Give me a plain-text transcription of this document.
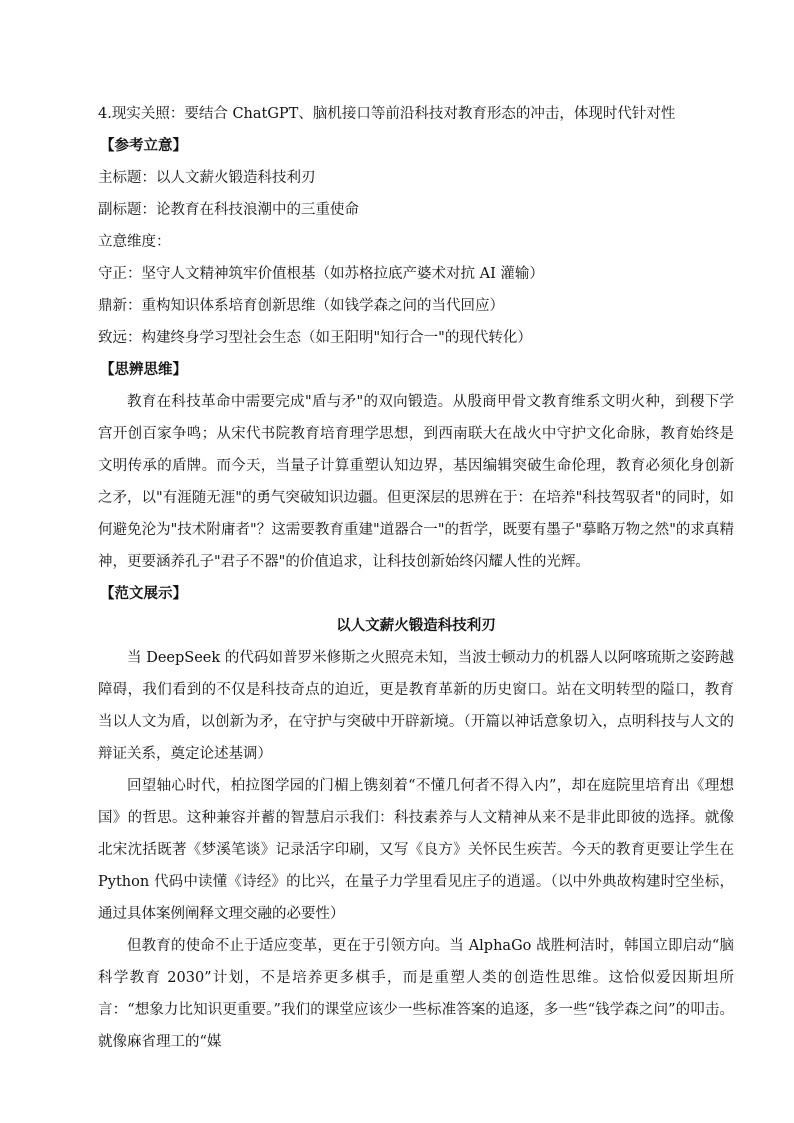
4.现实关照：要结合 ChatGPT、脑机接口等前沿科技对教育形态的冲击，体现时代针对性

【参考立意】

主标题：以人文薪火锻造科技利刃

副标题：论教育在科技浪潮中的三重使命

立意维度：

守正：坚守人文精神筑牢价值根基（如苏格拉底产婆术对抗 AI 灌输）

鼎新：重构知识体系培育创新思维（如钱学森之问的当代回应）

致远：构建终身学习型社会生态（如王阳明"知行合一"的现代转化）

【思辨思维】

教育在科技革命中需要完成"盾与矛"的双向锻造。从殷商甲骨文教育维系文明火种，到稷下学宫开创百家争鸣；从宋代书院教育培育理学思想，到西南联大在战火中守护文化命脉，教育始终是文明传承的盾牌。而今天，当量子计算重塑认知边界，基因编辑突破生命伦理，教育必须化身创新之矛，以"有涯随无涯"的勇气突破知识边疆。但更深层的思辨在于：在培养"科技驾驭者"的同时，如何避免沦为"技术附庸者"？这需要教育重建"道器合一"的哲学，既要有墨子"摹略万物之然"的求真精神，更要涵养孔子"君子不器"的价值追求，让科技创新始终闪耀人性的光辉。

【范文展示】

以人文薪火锻造科技利刃

当 DeepSeek 的代码如普罗米修斯之火照亮未知，当波士顿动力的机器人以阿喀琉斯之姿跨越障碍，我们看到的不仅是科技奇点的迫近，更是教育革新的历史窗口。站在文明转型的隘口，教育当以人文为盾，以创新为矛，在守护与突破中开辟新境。（开篇以神话意象切入，点明科技与人文的辩证关系，奠定论述基调）

回望轴心时代，柏拉图学园的门楣上镌刻着“不懂几何者不得入内”，却在庭院里培育出《理想国》的哲思。这种兼容并蓄的智慧启示我们：科技素养与人文精神从来不是非此即彼的选择。就像北宋沈括既著《梦溪笔谈》记录活字印刷，又写《良方》关怀民生疾苦。今天的教育更要让学生在 Python 代码中读懂《诗经》的比兴，在量子力学里看见庄子的逍遥。（以中外典故构建时空坐标，通过具体案例阐释文理交融的必要性）

但教育的使命不止于适应变革，更在于引领方向。当 AlphaGo 战胜柯洁时，韩国立即启动“脑科学教育 2030”计划，不是培养更多棋手，而是重塑人类的创造性思维。这恰似爱因斯坦所言：“想象力比知识更重要。”我们的课堂应该少一些标准答案的追逐，多一些“钱学森之问”的叩击。就像麻省理工的“媒
